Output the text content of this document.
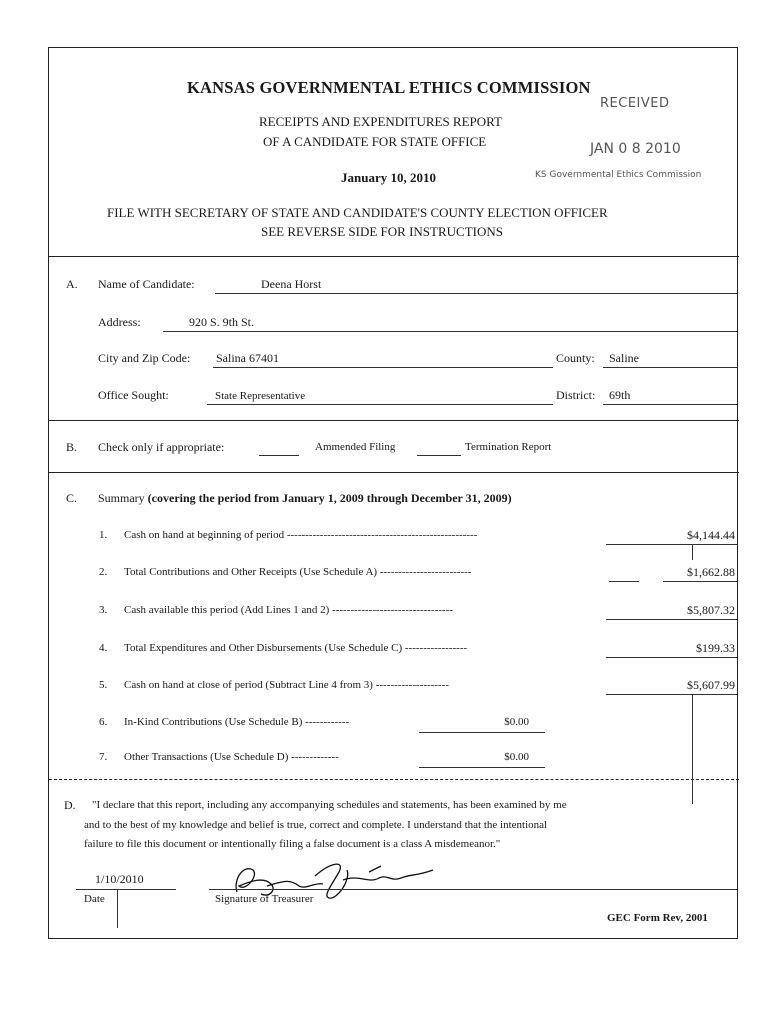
KANSAS GOVERNMENTAL ETHICS COMMISSION
RECEIPTS AND EXPENDITURES REPORT
OF A CANDIDATE FOR STATE OFFICE
January 10, 2010
FILE WITH SECRETARY OF STATE AND CANDIDATE'S COUNTY ELECTION OFFICER
SEE REVERSE SIDE FOR INSTRUCTIONS
RECEIVED
JAN 0 8 2010
KS Governmental Ethics Commission
A. Name of Candidate:	Deena Horst
Address:	920 S. 9th St.
City and Zip Code: Salina 67401	County: Saline
Office Sought:	State Representative	District: 69th
B. Check only if appropriate:	Ammended Filing	Termination Report
C. Summary (covering the period from January 1, 2009 through December 31, 2009)
1. Cash on hand at beginning of period ----------------------------------------------------	$4,144.44
2. Total Contributions and Other Receipts (Use Schedule A) -------------------------	$1,662.88
3. Cash available this period (Add Lines 1 and 2) ---------------------------------	$5,807.32
4. Total Expenditures and Other Disbursements (Use Schedule C) -----------------	$199.33
5. Cash on hand at close of period (Subtract Line 4 from 3) --------------------	$5,607.99
6. In-Kind Contributions (Use Schedule B) ------------	$0.00
7. Other Transactions (Use Schedule D) -------------	$0.00
D. "I declare that this report, including any accompanying schedules and statements, has been examined by me
and to the best of my knowledge and belief is true, correct and complete. I understand that the intentional
failure to file this document or intentionally filing a false document is a class A misdemeanor."
1/10/2010
Date	Signature of Treasurer
GEC Form Rev, 2001
